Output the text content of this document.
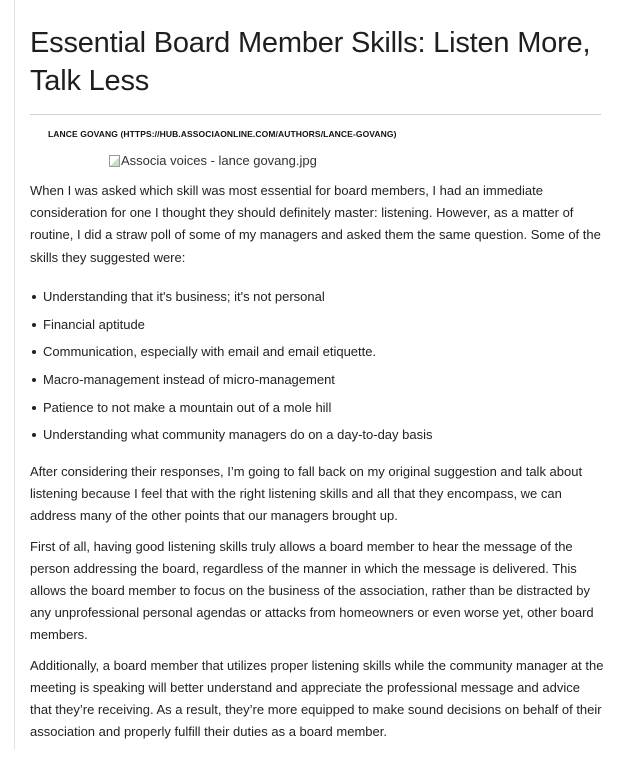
Essential Board Member Skills: Listen More, Talk Less
LANCE GOVANG (HTTPS://HUB.ASSOCIAONLINE.COM/AUTHORS/LANCE-GOVANG)
Associa voices - lance govang.jpg

When I was asked which skill was most essential for board members, I had an immediate consideration for one I thought they should definitely master: listening. However, as a matter of routine, I did a straw poll of some of my managers and asked them the same question. Some of the skills they suggested were:

Understanding that it's business; it's not personal
Financial aptitude
Communication, especially with email and email etiquette.
Macro-management instead of micro-management
Patience to not make a mountain out of a mole hill
Understanding what community managers do on a day-to-day basis

After considering their responses, I’m going to fall back on my original suggestion and talk about listening because I feel that with the right listening skills and all that they encompass, we can address many of the other points that our managers brought up.

First of all, having good listening skills truly allows a board member to hear the message of the person addressing the board, regardless of the manner in which the message is delivered. This allows the board member to focus on the business of the association, rather than be distracted by any unprofessional personal agendas or attacks from homeowners or even worse yet, other board members.

Additionally, a board member that utilizes proper listening skills while the community manager at the meeting is speaking will better understand and appreciate the professional message and advice that they’re receiving. As a result, they’re more equipped to make sound decisions on behalf of their association and properly fulfill their duties as a board member.
